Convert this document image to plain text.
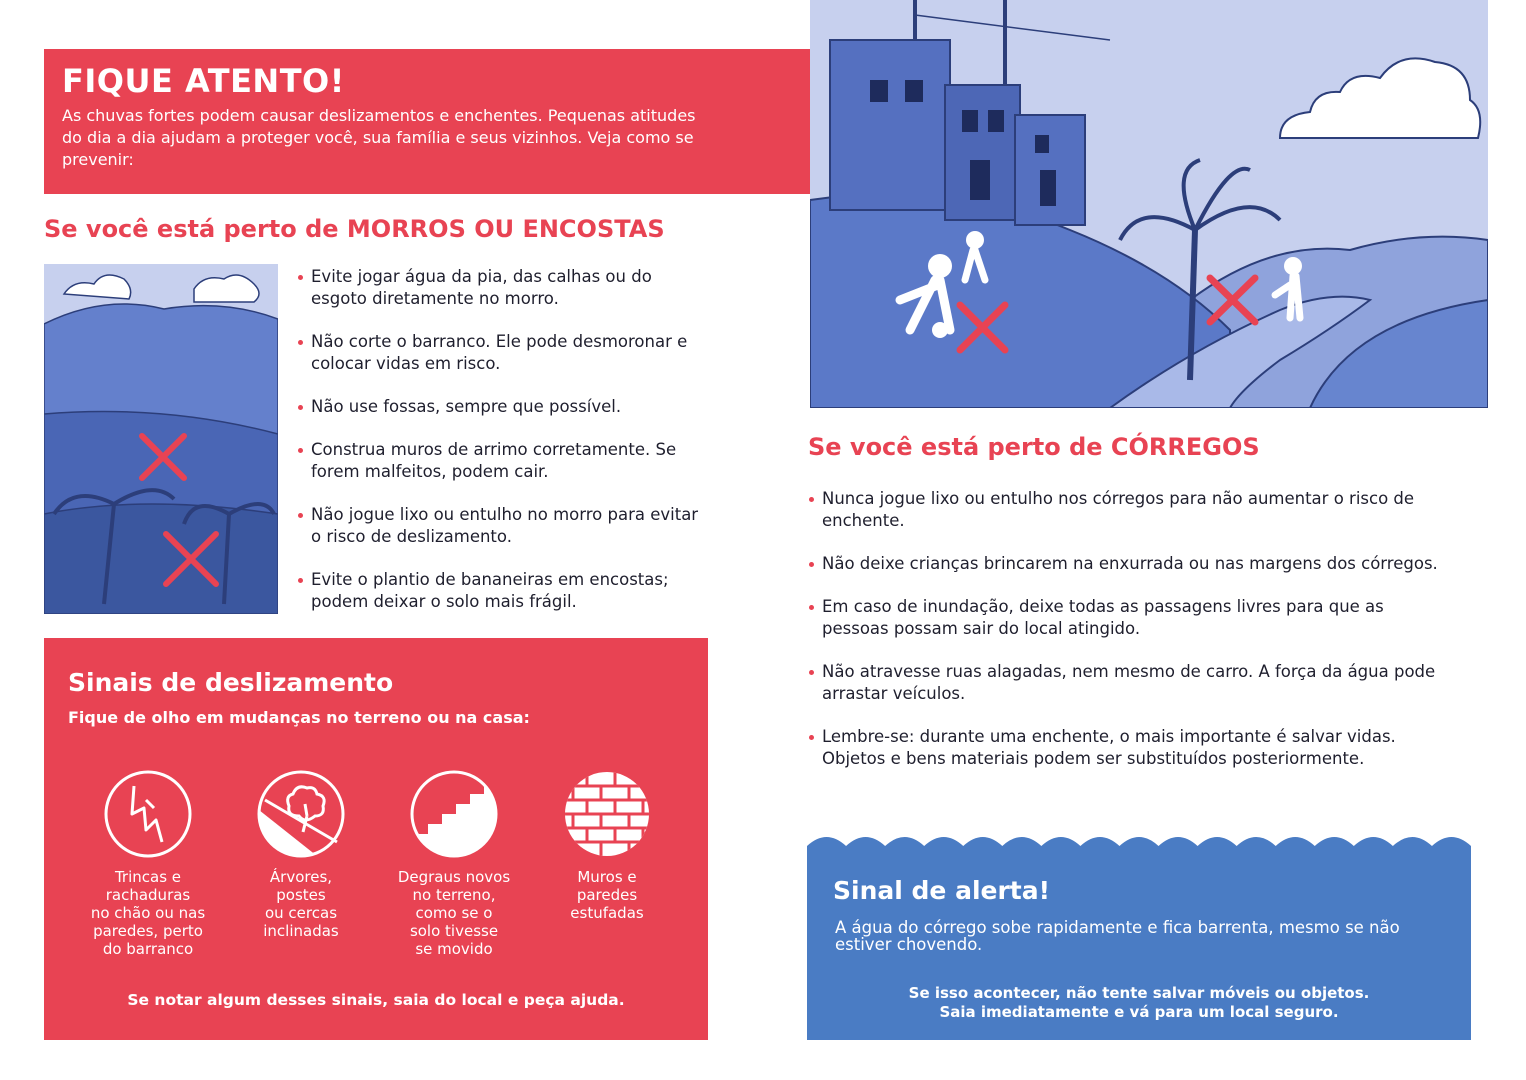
FIQUE ATENTO!

As chuvas fortes podem causar deslizamentos e enchentes. Pequenas atitudes do dia a dia ajudam a proteger você, sua família e seus vizinhos. Veja como se prevenir:

Se você está perto de MORROS OU ENCOSTAS
Evite jogar água da pia, das calhas ou do esgoto diretamente no morro.
Não corte o barranco. Ele pode desmoronar e colocar vidas em risco.
Não use fossas, sempre que possível.
Construa muros de arrimo corretamente. Se forem malfeitos, podem cair.
Não jogue lixo ou entulho no morro para evitar o risco de deslizamento.
Evite o plantio de bananeiras em encostas; podem deixar o solo mais frágil.
Sinais de deslizamento
Fique de olho em mudanças no terreno ou na casa:
Trincas e
rachaduras
no chão ou nas
paredes, perto
do barranco
Árvores,
postes
ou cercas
inclinadas
Degraus novos
no terreno,
como se o
solo tivesse
se movido
Muros e
paredes
estufadas
Se notar algum desses sinais, saia do local e peça ajuda.
Se você está perto de CÓRREGOS
Nunca jogue lixo ou entulho nos córregos para não aumentar o risco de enchente.
Não deixe crianças brincarem na enxurrada ou nas margens dos córregos.
Em caso de inundação, deixe todas as passagens livres para que as pessoas possam sair do local atingido.
Não atravesse ruas alagadas, nem mesmo de carro. A força da água pode arrastar veículos.
Lembre-se: durante uma enchente, o mais importante é salvar vidas. Objetos e bens materiais podem ser substituídos posteriormente.
Sinal de alerta!
A água do córrego sobe rapidamente e fica barrenta, mesmo se não estiver chovendo.
Se isso acontecer, não tente salvar móveis ou objetos.
Saia imediatamente e vá para um local seguro.
